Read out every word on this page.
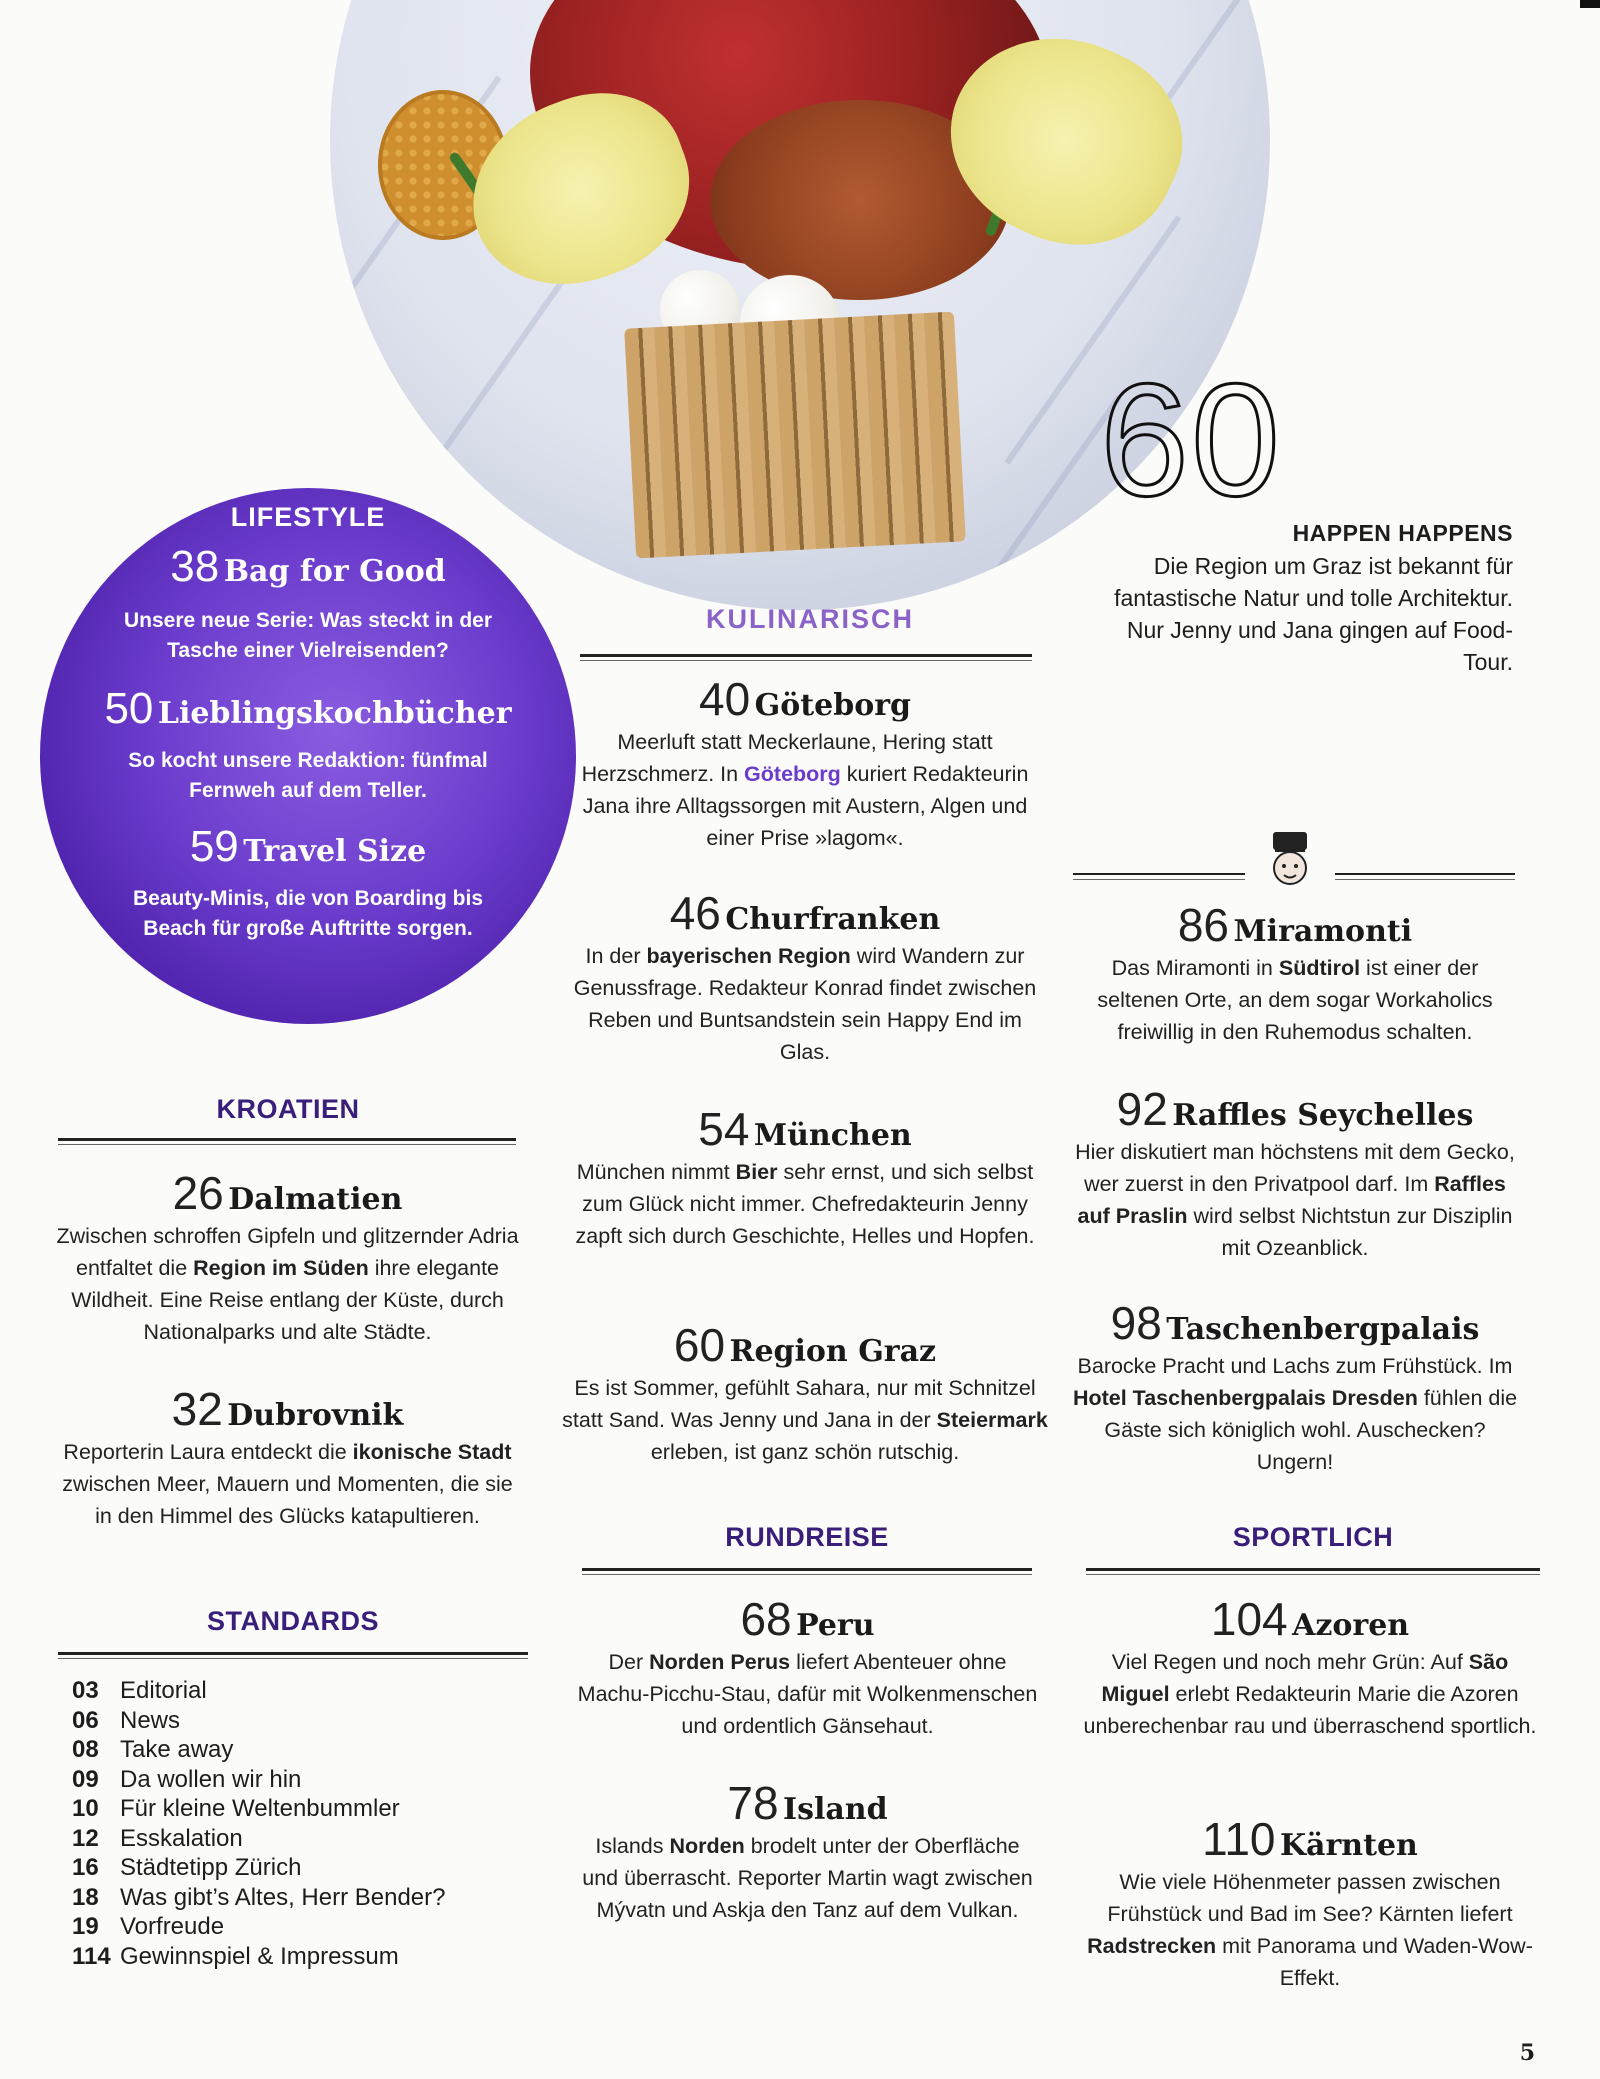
LIFESTYLE
38 Bag for Good
Unsere neue Serie: Was steckt in der
Tasche einer Vielreisenden?
50 Lieblingskochbücher
So kocht unsere Redaktion: fünfmal
Fernweh auf dem Teller.
59 Travel Size
Beauty-Minis, die von Boarding bis
Beach für große Auftritte sorgen.
60
HAPPEN HAPPENS
Die Region um Graz ist bekannt für fantastische Natur und tolle Architektur. Nur Jenny und Jana gingen auf Food-Tour.
KULINARISCH
40 Göteborg
Meerluft statt Meckerlaune, Hering statt Herzschmerz. In Göteborg kuriert Redakteurin Jana ihre Alltagssorgen mit Austern, Algen und einer Prise »lagom«.
46 Churfranken
In der bayerischen Region wird Wandern zur Genussfrage. Redakteur Konrad findet zwischen Reben und Buntsandstein sein Happy End im Glas.
54 München
München nimmt Bier sehr ernst, und sich selbst zum Glück nicht immer. Chefredakteurin Jenny zapft sich durch Geschichte, Helles und Hopfen.
60 Region Graz
Es ist Sommer, gefühlt Sahara, nur mit Schnitzel statt Sand. Was Jenny und Jana in der Steiermark erleben, ist ganz schön rutschig.
86 Miramonti
Das Miramonti in Südtirol ist einer der seltenen Orte, an dem sogar Workaholics freiwillig in den Ruhemodus schalten.
92 Raffles Seychelles
Hier diskutiert man höchstens mit dem Gecko, wer zuerst in den Privatpool darf. Im Raffles auf Praslin wird selbst Nichtstun zur Disziplin mit Ozeanblick.
98 Taschenbergpalais
Barocke Pracht und Lachs zum Frühstück. Im Hotel Taschenbergpalais Dresden fühlen die Gäste sich königlich wohl. Auschecken? Ungern!
KROATIEN
26 Dalmatien
Zwischen schroffen Gipfeln und glitzernder Adria entfaltet die Region im Süden ihre elegante Wildheit. Eine Reise entlang der Küste, durch Nationalparks und alte Städte.
32 Dubrovnik
Reporterin Laura entdeckt die ikonische Stadt zwischen Meer, Mauern und Momenten, die sie in den Himmel des Glücks katapultieren.
RUNDREISE
68 Peru
Der Norden Perus liefert Abenteuer ohne Machu-Picchu-Stau, dafür mit Wolkenmenschen und ordentlich Gänsehaut.
78 Island
Islands Norden brodelt unter der Oberfläche und überrascht. Reporter Martin wagt zwischen Mývatn und Askja den Tanz auf dem Vulkan.
SPORTLICH
104 Azoren
Viel Regen und noch mehr Grün: Auf São Miguel erlebt Redakteurin Marie die Azoren unberechenbar rau und überraschend sportlich.
110 Kärnten
Wie viele Höhenmeter passen zwischen Frühstück und Bad im See? Kärnten liefert Radstrecken mit Panorama und Waden-Wow-Effekt.
STANDARDS
03 Editorial
06 News
08 Take away
09 Da wollen wir hin
10 Für kleine Weltenbummler
12 Esskalation
16 Städtetipp Zürich
18 Was gibt’s Altes, Herr Bender?
19 Vorfreude
114 Gewinnspiel & Impressum
5
